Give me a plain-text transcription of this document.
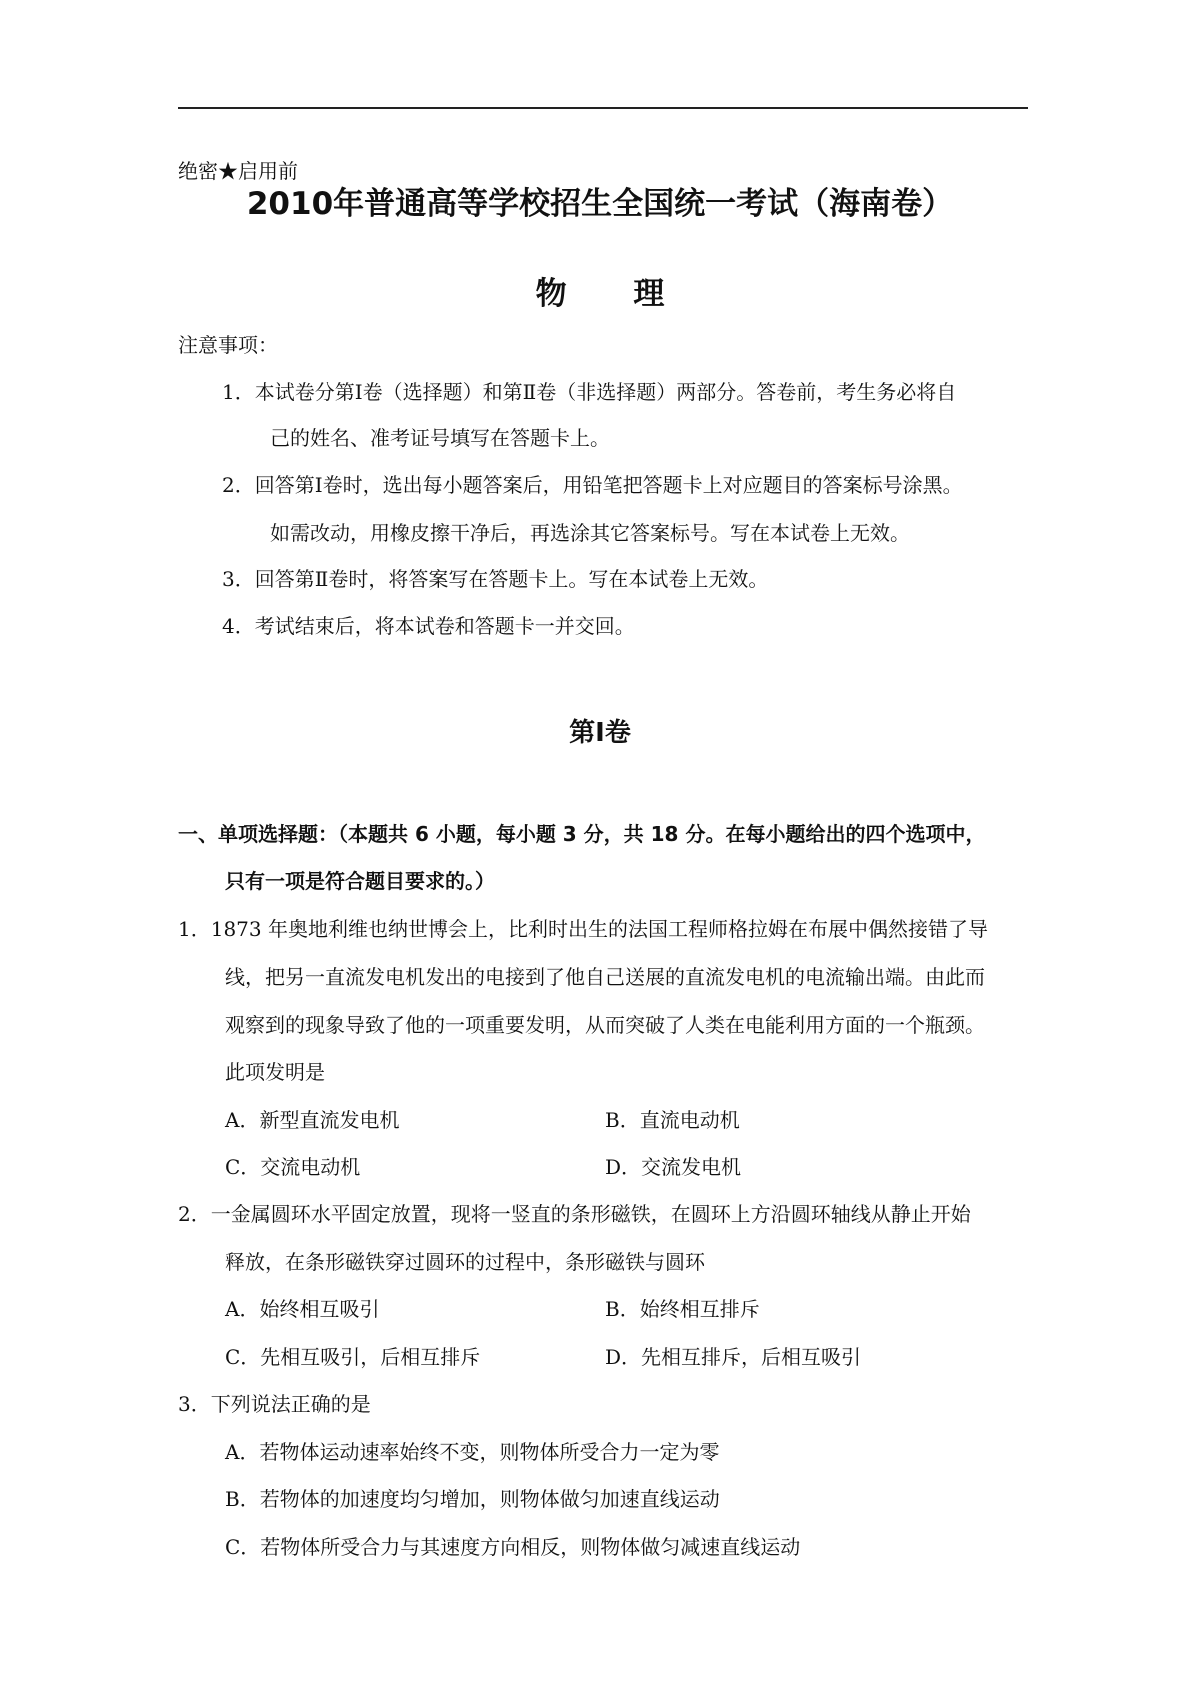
绝密★启用前
2010年普通高等学校招生全国统一考试（海南卷）
物 理
注意事项：
1．本试卷分第Ⅰ卷（选择题）和第Ⅱ卷（非选择题）两部分。答卷前，考生务必将自
己的姓名、准考证号填写在答题卡上。
2．回答第Ⅰ卷时，选出每小题答案后，用铅笔把答题卡上对应题目的答案标号涂黑。
如需改动，用橡皮擦干净后，再选涂其它答案标号。写在本试卷上无效。
3．回答第Ⅱ卷时，将答案写在答题卡上。写在本试卷上无效。
4．考试结束后，将本试卷和答题卡一并交回。
第Ⅰ卷
一、单项选择题：（本题共 6 小题，每小题 3 分，共 18 分。在每小题给出的四个选项中，
只有一项是符合题目要求的。）
1．1873 年奥地利维也纳世博会上，比利时出生的法国工程师格拉姆在布展中偶然接错了导
线，把另一直流发电机发出的电接到了他自己送展的直流发电机的电流输出端。由此而
观察到的现象导致了他的一项重要发明，从而突破了人类在电能利用方面的一个瓶颈。
此项发明是
A．新型直流发电机	B．直流电动机
C．交流电动机	D．交流发电机
2．一金属圆环水平固定放置，现将一竖直的条形磁铁，在圆环上方沿圆环轴线从静止开始
释放，在条形磁铁穿过圆环的过程中，条形磁铁与圆环
A．始终相互吸引	B．始终相互排斥
C．先相互吸引，后相互排斥	D．先相互排斥，后相互吸引
3．下列说法正确的是
A．若物体运动速率始终不变，则物体所受合力一定为零
B．若物体的加速度均匀增加，则物体做匀加速直线运动
C．若物体所受合力与其速度方向相反，则物体做匀减速直线运动
